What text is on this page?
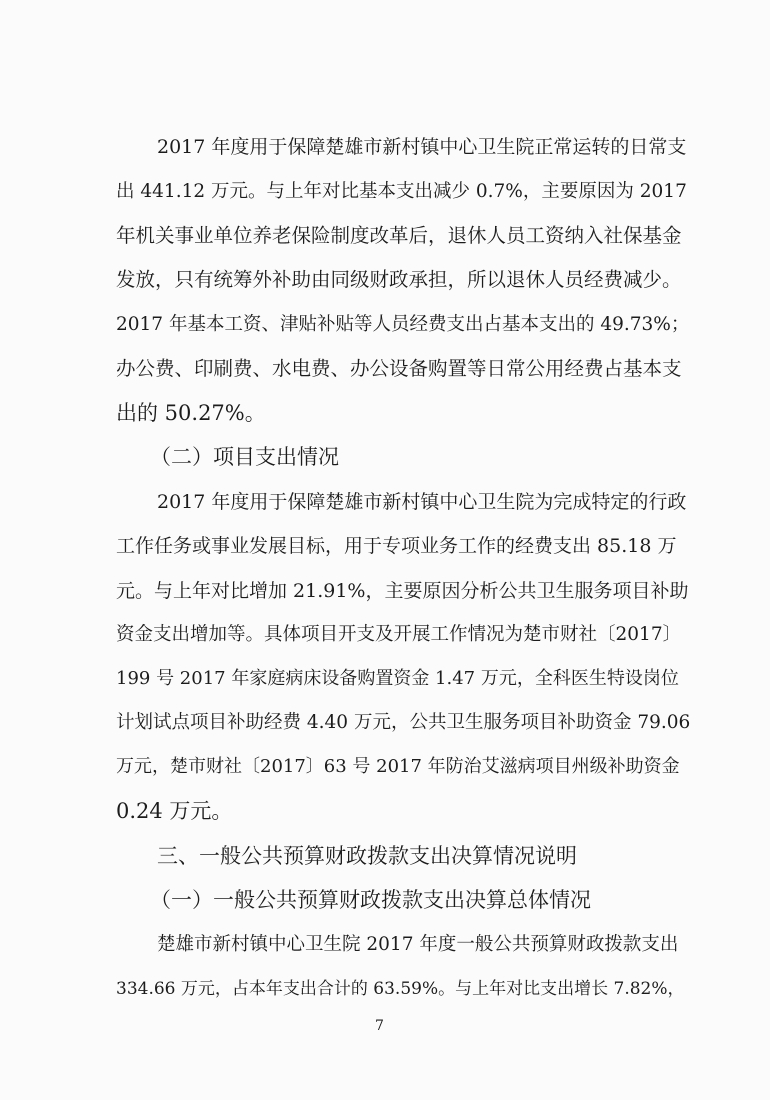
2017 年度用于保障楚雄市新村镇中心卫生院正常运转的日常支
出 441.12 万元。与上年对比基本支出减少 0.7%，主要原因为 2017
年机关事业单位养老保险制度改革后，退休人员工资纳入社保基金
发放，只有统筹外补助由同级财政承担，所以退休人员经费减少。
2017 年基本工资、津贴补贴等人员经费支出占基本支出的 49.73%；
办公费、印刷费、水电费、办公设备购置等日常公用经费占基本支
出的 50.27%。
（二）项目支出情况
2017 年度用于保障楚雄市新村镇中心卫生院为完成特定的行政
工作任务或事业发展目标，用于专项业务工作的经费支出 85.18 万
元。与上年对比增加 21.91%，主要原因分析公共卫生服务项目补助
资金支出增加等。具体项目开支及开展工作情况为楚市财社〔2017〕
199 号 2017 年家庭病床设备购置资金 1.47 万元，全科医生特设岗位
计划试点项目补助经费 4.40 万元，公共卫生服务项目补助资金 79.06
万元，楚市财社〔2017〕63 号 2017 年防治艾滋病项目州级补助资金
0.24 万元。
三、一般公共预算财政拨款支出决算情况说明
（一）一般公共预算财政拨款支出决算总体情况
楚雄市新村镇中心卫生院 2017 年度一般公共预算财政拨款支出
334.66 万元，占本年支出合计的 63.59%。与上年对比支出增长 7.82%，
7
